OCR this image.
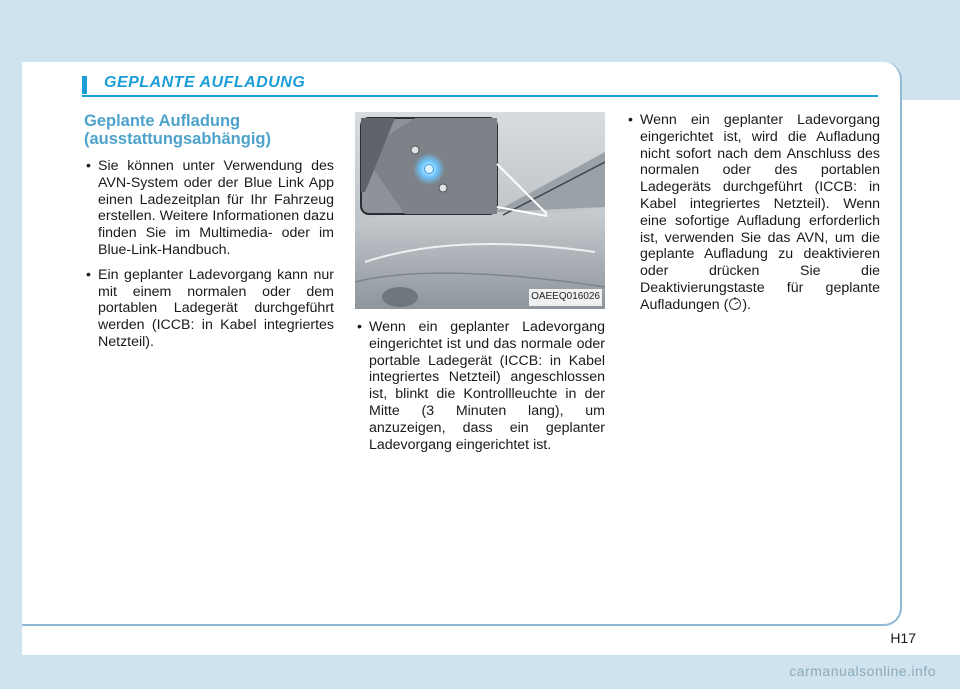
GEPLANTE AUFLADUNG
Geplante Aufladung (ausstattungsabhängig)
• Sie können unter Verwendung des AVN-System oder der Blue Link App einen Ladezeitplan für Ihr Fahrzeug erstellen. Weitere Informationen dazu finden Sie im Multimedia- oder im Blue-Link-Handbuch.
• Ein geplanter Ladevorgang kann nur mit einem normalen oder dem portablen Ladegerät durchgeführt werden (ICCB: in Kabel integriertes Netzteil).
OAEEQ016026
• Wenn ein geplanter Ladevorgang eingerichtet ist und das normale oder portable Ladegerät (ICCB: in Kabel integriertes Netzteil) angeschlossen ist, blinkt die Kontrollleuchte in der Mitte (3 Minuten lang), um anzuzeigen, dass ein geplanter Ladevorgang eingerichtet ist.
• Wenn ein geplanter Ladevorgang eingerichtet ist, wird die Aufladung nicht sofort nach dem Anschluss des normalen oder des portablen Ladegeräts durchgeführt (ICCB: in Kabel integriertes Netzteil). Wenn eine sofortige Aufladung erforderlich ist, verwenden Sie das AVN, um die geplante Aufladung zu deaktivieren oder drücken Sie die Deaktivierungstaste für geplante Aufladungen ( ).
H17
carmanualsonline.info
